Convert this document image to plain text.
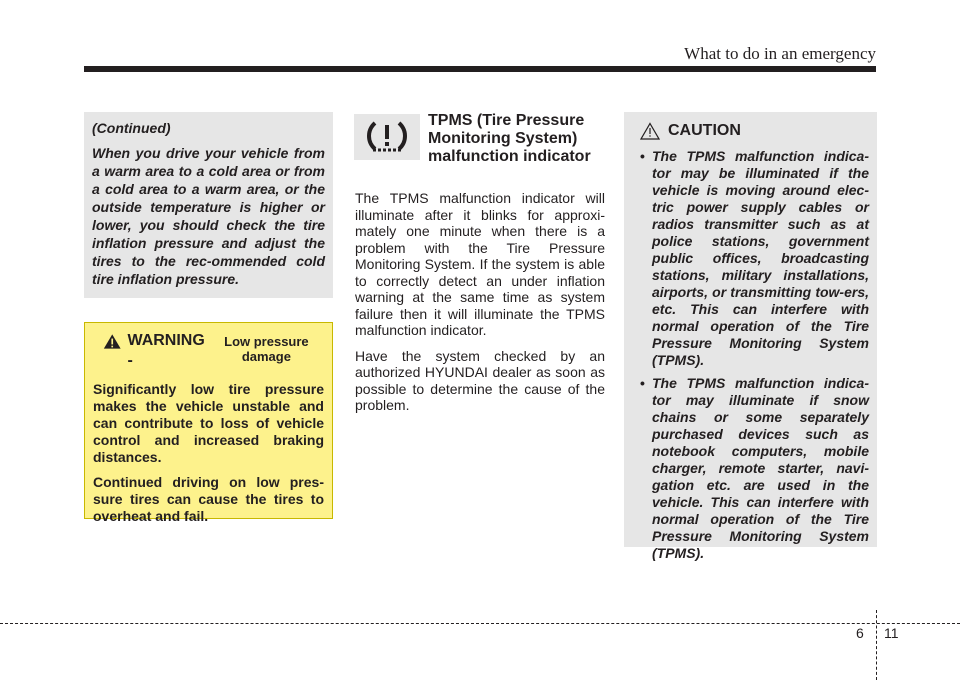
What to do in an emergency

(Continued)

When you drive your vehicle from a warm area to a cold area or from a cold area to a warm area, or the outside temperature is higher or lower, you should check the tire inflation pressure and adjust the tires to the rec-ommended cold tire inflation pressure.

WARNING -
Low pressure damage

Significantly low tire pressure makes the vehicle unstable and can contribute to loss of vehicle control and increased braking distances.

Continued driving on low pres-sure tires can cause the tires to overheat and fail.

TPMS (Tire Pressure Monitoring System) malfunction indicator

The TPMS malfunction indicator will illuminate after it blinks for approxi-mately one minute when there is a problem with the Tire Pressure Monitoring System. If the system is able to correctly detect an under inflation warning at the same time as system failure then it will illuminate the TPMS malfunction indicator.

Have the system checked by an authorized HYUNDAI dealer as soon as possible to determine the cause of the problem.

CAUTION
• The TPMS malfunction indica-tor may be illuminated if the vehicle is moving around elec-tric power supply cables or radios transmitter such as at police stations, government public offices, broadcasting stations, military installations, airports, or transmitting tow-ers, etc. This can interfere with normal operation of the Tire Pressure Monitoring System (TPMS).
• The TPMS malfunction indica-tor may illuminate if snow chains or some separately purchased devices such as notebook computers, mobile charger, remote starter, navi-gation etc. are used in the vehicle. This can interfere with normal operation of the Tire Pressure Monitoring System (TPMS).
6 11
